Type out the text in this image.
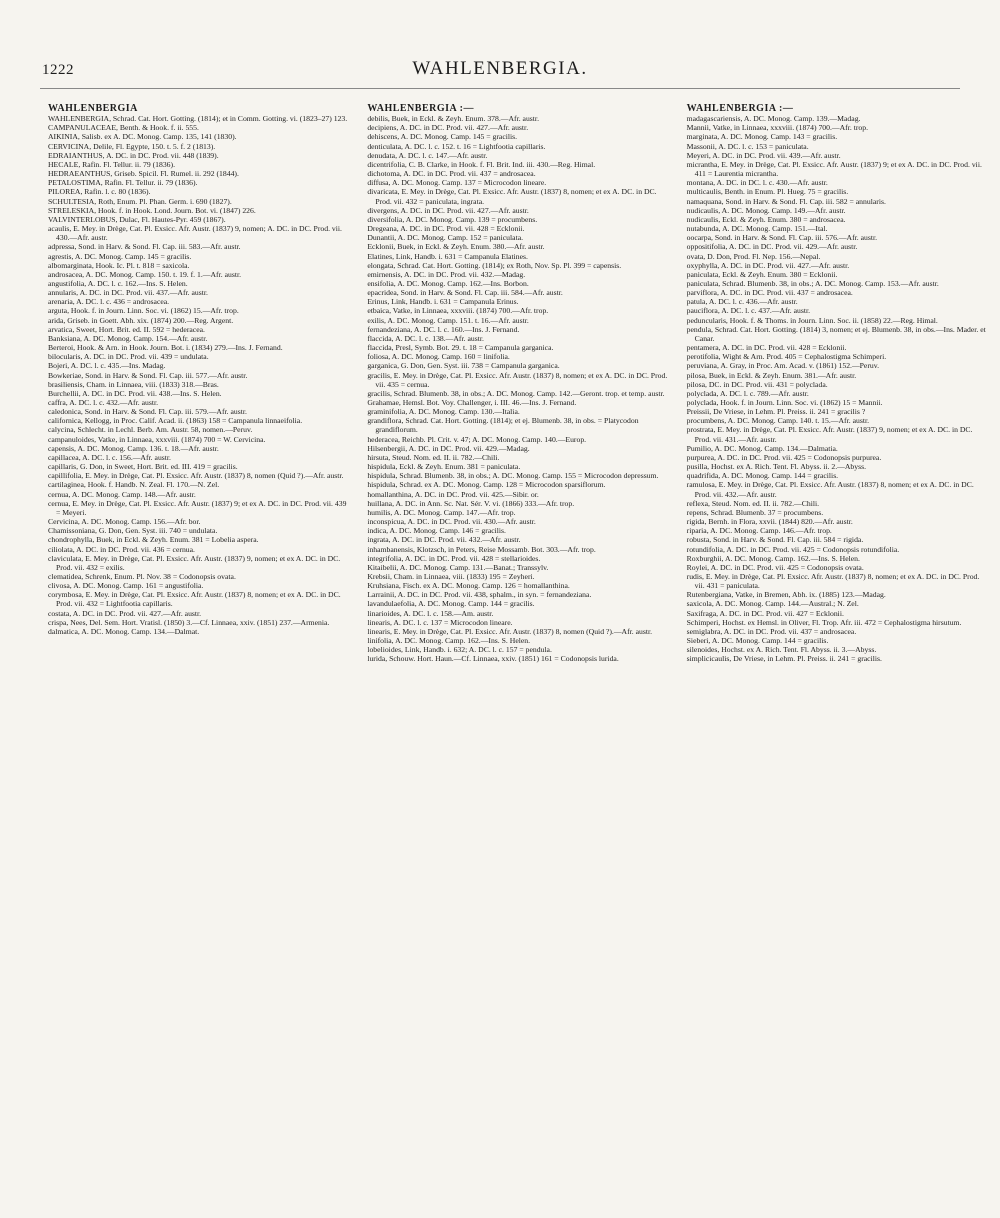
1222	WAHLENBERGIA.
WAHLENBERGIA

WAHLENBERGIA, Schrad. Cat. Hort. Gotting. (1814); et in Comm. Gotting. vi. (1823–27) 123.

CAMPANULACEAE, Benth. & Hook. f. ii. 555.

AIKINIA, Salisb. ex A. DC. Monog. Camp. 135, 141 (1830).

CERVICINA, Delile, Fl. Egypte, 150. t. 5. f. 2 (1813).

EDRAIANTHUS, A. DC. in DC. Prod. vii. 448 (1839).

HECALE, Rafin. Fl. Tellur. ii. 79 (1836).

HEDRAEANTHUS, Griseb. Spicil. Fl. Rumel. ii. 292 (1844).

PETALOSTIMA, Rafin. Fl. Tellur. ii. 79 (1836).

PILOREA, Rafin. l. c. 80 (1836).

SCHULTESIA, Roth, Enum. Pl. Phan. Germ. i. 690 (1827).

STRELESKIA, Hook. f. in Hook. Lond. Journ. Bot. vi. (1847) 226.

VALVINTERLOBUS, Dulac, Fl. Hautes-Pyr. 459 (1867).

acaulis, E. Mey. in Drège, Cat. Pl. Exsicc. Afr. Austr. (1837) 9, nomen; A. DC. in DC. Prod. vii. 430.—Afr. austr.

adpressa, Sond. in Harv. & Sond. Fl. Cap. iii. 583.—Afr. austr.

agrestis, A. DC. Monog. Camp. 145 = gracilis.

albomarginata, Hook. Ic. Pl. t. 818 = saxicola.

androsacea, A. DC. Monog. Camp. 150. t. 19. f. 1.—Afr. austr.

angustifolia, A. DC. l. c. 162.—Ins. S. Helen.

annularis, A. DC. in DC. Prod. vii. 437.—Afr. austr.

arenaria, A. DC. l. c. 436 = androsacea.

arguta, Hook. f. in Journ. Linn. Soc. vi. (1862) 15.—Afr. trop.

arida, Griseb. in Goett. Abh. xix. (1874) 200.—Reg. Argent.

arvatica, Sweet, Hort. Brit. ed. II. 592 = hederacea.

Banksiana, A. DC. Monog. Camp. 154.—Afr. austr.

Berteroi, Hook. & Arn. in Hook. Journ. Bot. i. (1834) 279.—Ins. J. Fernand.

bilocularis, A. DC. in DC. Prod. vii. 439 = undulata.

Bojeri, A. DC. l. c. 435.—Ins. Madag.

Bowkeriae, Sond. in Harv. & Sond. Fl. Cap. iii. 577.—Afr. austr.

brasiliensis, Cham. in Linnaea, viii. (1833) 318.—Bras.

Burchellii, A. DC. in DC. Prod. vii. 438.—Ins. S. Helen.

caffra, A. DC. l. c. 432.—Afr. austr.

caledonica, Sond. in Harv. & Sond. Fl. Cap. iii. 579.—Afr. austr.

californica, Kellogg, in Proc. Calif. Acad. ii. (1863) 158 = Campanula linnaeifolia.

calycina, Schlecht. in Lechl. Berb. Am. Austr. 58, nomen.—Peruv.

campanuloides, Vatke, in Linnaea, xxxviii. (1874) 700 = W. Cervicina.

capensis, A. DC. Monog. Camp. 136. t. 18.—Afr. austr.

capillacea, A. DC. l. c. 156.—Afr. austr.

capillaris, G. Don, in Sweet, Hort. Brit. ed. III. 419 = gracilis.

capillifolia, E. Mey. in Drège, Cat. Pl. Exsicc. Afr. Austr. (1837) 8, nomen (Quid ?).—Afr. austr.

cartilaginea, Hook. f. Handb. N. Zeal. Fl. 170.—N. Zel.

cernua, A. DC. Monog. Camp. 148.—Afr. austr.

cernua, E. Mey. in Drège, Cat. Pl. Exsicc. Afr. Austr. (1837) 9; et ex A. DC. in DC. Prod. vii. 439 = Meyeri.

Cervicina, A. DC. Monog. Camp. 156.—Afr. bor.

Chamissoniana, G. Don, Gen. Syst. iii. 740 = undulata.

chondrophylla, Buek, in Eckl. & Zeyh. Enum. 381 = Lobelia aspera.

ciliolata, A. DC. in DC. Prod. vii. 436 = cernua.

claviculata, E. Mey. in Drège, Cat. Pl. Exsicc. Afr. Austr. (1837) 9, nomen; et ex A. DC. in DC. Prod. vii. 432 = exilis.

clematidea, Schrenk, Enum. Pl. Nov. 38 = Codonopsis ovata.

clivosa, A. DC. Monog. Camp. 161 = angustifolia.

corymbosa, E. Mey. in Drège, Cat. Pl. Exsicc. Afr. Austr. (1837) 8, nomen; et ex A. DC. in DC. Prod. vii. 432 = Lightfootia capillaris.

costata, A. DC. in DC. Prod. vii. 427.—Afr. austr.

crispa, Nees, Del. Sem. Hort. Vratisl. (1850) 3.—Cf. Linnaea, xxiv. (1851) 237.—Armenia.

dalmatica, A. DC. Monog. Camp. 134.—Dalmat.

WAHLENBERGIA :—

debilis, Buek, in Eckl. & Zeyh. Enum. 378.—Afr. austr.

decipiens, A. DC. in DC. Prod. vii. 427.—Afr. austr.

dehiscens, A. DC. Monog. Camp. 145 = gracilis.

denticulata, A. DC. l. c. 152. t. 16 = Lightfootia capillaris.

denudata, A. DC. l. c. 147.—Afr. austr.

dicentrifolia, C. B. Clarke, in Hook. f. Fl. Brit. Ind. iii. 430.—Reg. Himal.

dichotoma, A. DC. in DC. Prod. vii. 437 = androsacea.

diffusa, A. DC. Monog. Camp. 137 = Microcodon lineare.

divaricata, E. Mey. in Drège, Cat. Pl. Exsicc. Afr. Austr. (1837) 8, nomen; et ex A. DC. in DC. Prod. vii. 432 = paniculata, ingrata.

divergens, A. DC. in DC. Prod. vii. 427.—Afr. austr.

diversifolia, A. DC. Monog. Camp. 139 = procumbens.

Dregeana, A. DC. in DC. Prod. vii. 428 = Ecklonii.

Dunantii, A. DC. Monog. Camp. 152 = paniculata.

Ecklonii, Buek, in Eckl. & Zeyh. Enum. 380.—Afr. austr.

Elatines, Link, Handb. i. 631 = Campanula Elatines.

elongata, Schrad. Cat. Hort. Gotting. (1814); ex Roth, Nov. Sp. Pl. 399 = capensis.

emirnensis, A. DC. in DC. Prod. vii. 432.—Madag.

ensifolia, A. DC. Monog. Camp. 162.—Ins. Borbon.

epacridea, Sond. in Harv. & Sond. Fl. Cap. iii. 584.—Afr. austr.

Erinus, Link, Handb. i. 631 = Campanula Erinus.

etbaica, Vatke, in Linnaea, xxxviii. (1874) 700.—Afr. trop.

exilis, A. DC. Monog. Camp. 151. t. 16.—Afr. austr.

fernandeziana, A. DC. l. c. 160.—Ins. J. Fernand.

flaccida, A. DC. l. c. 138.—Afr. austr.

flaccida, Presl, Symb. Bot. 29. t. 18 = Campanula garganica.

foliosa, A. DC. Monog. Camp. 160 = linifolia.

garganica, G. Don, Gen. Syst. iii. 738 = Campanula garganica.

gracilis, E. Mey. in Drège, Cat. Pl. Exsicc. Afr. Austr. (1837) 8, nomen; et ex A. DC. in DC. Prod. vii. 435 = cernua.

gracilis, Schrad. Blumenb. 38, in obs.; A. DC. Monog. Camp. 142.—Geront. trop. et temp. austr.

Grahamae, Hemsl. Bot. Voy. Challenger, i. III. 46.—Ins. J. Fernand.

graminifolia, A. DC. Monog. Camp. 130.—Italia.

grandiflora, Schrad. Cat. Hort. Gotting. (1814); et ej. Blumenb. 38, in obs. = Platycodon grandiflorum.

hederacea, Reichb. Pl. Crit. v. 47; A. DC. Monog. Camp. 140.—Europ.

Hilsenbergii, A. DC. in DC. Prod. vii. 429.—Madag.

hirsuta, Steud. Nom. ed. II. ii. 782.—Chili.

hispidula, Eckl. & Zeyh. Enum. 381 = paniculata.

hispidula, Schrad. Blumenb. 38, in obs.; A. DC. Monog. Camp. 155 = Microcodon depressum.

hispidula, Schrad. ex A. DC. Monog. Camp. 128 = Microcodon sparsiflorum.

homallanthina, A. DC. in DC. Prod. vii. 425.—Sibir. or.

huillana, A. DC. in Ann. Sc. Nat. Sér. V. vi. (1866) 333.—Afr. trop.

humilis, A. DC. Monog. Camp. 147.—Afr. trop.

inconspicua, A. DC. in DC. Prod. vii. 430.—Afr. austr.

indica, A. DC. Monog. Camp. 146 = gracilis.

ingrata, A. DC. in DC. Prod. vii. 432.—Afr. austr.

inhambanensis, Klotzsch, in Peters, Reise Mossamb. Bot. 303.—Afr. trop.

integrifolia, A. DC. in DC. Prod. vii. 428 = stellarioides.

Kitaibelii, A. DC. Monog. Camp. 131.—Banat.; Transsylv.

Krebsii, Cham. in Linnaea, viii. (1833) 195 = Zeyheri.

Kruhsiana, Fisch. ex A. DC. Monog. Camp. 126 = homallanthina.

Larrainii, A. DC. in DC. Prod. vii. 438, sphalm., in syn. = fernandeziana.

lavandulaefolia, A. DC. Monog. Camp. 144 = gracilis.

linarioides, A. DC. l. c. 158.—Am. austr.

linearis, A. DC. l. c. 137 = Microcodon lineare.

linearis, E. Mey. in Drège, Cat. Pl. Exsicc. Afr. Austr. (1837) 8, nomen (Quid ?).—Afr. austr.

linifolia, A. DC. Monog. Camp. 162.—Ins. S. Helen.

lobelioides, Link, Handb. i. 632; A. DC. l. c. 157 = pendula.

lurida, Schouw. Hort. Haun.—Cf. Linnaea, xxiv. (1851) 161 = Codonopsis lurida.

WAHLENBERGIA :—

madagascariensis, A. DC. Monog. Camp. 139.—Madag.

Mannii, Vatke, in Linnaea, xxxviii. (1874) 700.—Afr. trop.

marginata, A. DC. Monog. Camp. 143 = gracilis.

Massonii, A. DC. l. c. 153 = paniculata.

Meyeri, A. DC. in DC. Prod. vii. 439.—Afr. austr.

micrantha, E. Mey. in Drège, Cat. Pl. Exsicc. Afr. Austr. (1837) 9; et ex A. DC. in DC. Prod. vii. 411 = Laurentia micrantha.

montana, A. DC. in DC. l. c. 430.—Afr. austr.

multicaulis, Benth. in Enum. Pl. Hueg. 75 = gracilis.

namaquana, Sond. in Harv. & Sond. Fl. Cap. iii. 582 = annularis.

nudicaulis, A. DC. Monog. Camp. 149.—Afr. austr.

nudicaulis, Eckl. & Zeyh. Enum. 380 = androsacea.

nutabunda, A. DC. Monog. Camp. 151.—Ital.

oocarpa, Sond. in Harv. & Sond. Fl. Cap. iii. 576.—Afr. austr.

oppositifolia, A. DC. in DC. Prod. vii. 429.—Afr. austr.

ovata, D. Don, Prod. Fl. Nep. 156.—Nepal.

oxyphylla, A. DC. in DC. Prod. vii. 427.—Afr. austr.

paniculata, Eckl. & Zeyh. Enum. 380 = Ecklonii.

paniculata, Schrad. Blumenb. 38, in obs.; A. DC. Monog. Camp. 153.—Afr. austr.

parviflora, A. DC. in DC. Prod. vii. 437 = androsacea.

patula, A. DC. l. c. 436.—Afr. austr.

pauciflora, A. DC. l. c. 437.—Afr. austr.

peduncularis, Hook. f. & Thoms. in Journ. Linn. Soc. ii. (1858) 22.—Reg. Himal.

pendula, Schrad. Cat. Hort. Gotting. (1814) 3, nomen; et ej. Blumenb. 38, in obs.—Ins. Mader. et Canar.

pentamera, A. DC. in DC. Prod. vii. 428 = Ecklonii.

perotifolia, Wight & Arn. Prod. 405 = Cephalostigma Schimperi.

peruviana, A. Gray, in Proc. Am. Acad. v. (1861) 152.—Peruv.

pilosa, Buek, in Eckl. & Zeyh. Enum. 381.—Afr. austr.

pilosa, DC. in DC. Prod. vii. 431 = polyclada.

polyclada, A. DC. l. c. 789.—Afr. austr.

polyclada, Hook. f. in Journ. Linn. Soc. vi. (1862) 15 = Mannii.

Preissii, De Vriese, in Lehm. Pl. Preiss. ii. 241 = gracilis ?

procumbens, A. DC. Monog. Camp. 140. t. 15.—Afr. austr.

prostrata, E. Mey. in Drège, Cat. Pl. Exsicc. Afr. Austr. (1837) 9, nomen; et ex A. DC. in DC. Prod. vii. 431.—Afr. austr.

Pumilio, A. DC. Monog. Camp. 134.—Dalmatia.

purpurea, A. DC. in DC. Prod. vii. 425 = Codonopsis purpurea.

pusilla, Hochst. ex A. Rich. Tent. Fl. Abyss. ii. 2.—Abyss.

quadrifida, A. DC. Monog. Camp. 144 = gracilis.

ramulosa, E. Mey. in Drège, Cat. Pl. Exsicc. Afr. Austr. (1837) 8, nomen; et ex A. DC. in DC. Prod. vii. 432.—Afr. austr.

reflexa, Steud. Nom. ed. II. ii. 782.—Chili.

repens, Schrad. Blumenb. 37 = procumbens.

rigida, Bernh. in Flora, xxvii. (1844) 820.—Afr. austr.

riparia, A. DC. Monog. Camp. 146.—Afr. trop.

robusta, Sond. in Harv. & Sond. Fl. Cap. iii. 584 = rigida.

rotundifolia, A. DC. in DC. Prod. vii. 425 = Codonopsis rotundifolia.

Roxburghii, A. DC. Monog. Camp. 162.—Ins. S. Helen.

Roylei, A. DC. in DC. Prod. vii. 425 = Codonopsis ovata.

rudis, E. Mey. in Drège, Cat. Pl. Exsicc. Afr. Austr. (1837) 8, nomen; et ex A. DC. in DC. Prod. vii. 431 = paniculata.

Rutenbergiana, Vatke, in Bremen, Abh. ix. (1885) 123.—Madag.

saxicola, A. DC. Monog. Camp. 144.—Austral.; N. Zel.

Saxifraga, A. DC. in DC. Prod. vii. 427 = Ecklonii.

Schimperi, Hochst. ex Hemsl. in Oliver, Fl. Trop. Afr. iii. 472 = Cephalostigma hirsutum.

semiglabra, A. DC. in DC. Prod. vii. 437 = androsacea.

Sieberi, A. DC. Monog. Camp. 144 = gracilis.

silenoides, Hochst. ex A. Rich. Tent. Fl. Abyss. ii. 3.—Abyss.

simplicicaulis, De Vriese, in Lehm. Pl. Preiss. ii. 241 = gracilis.
